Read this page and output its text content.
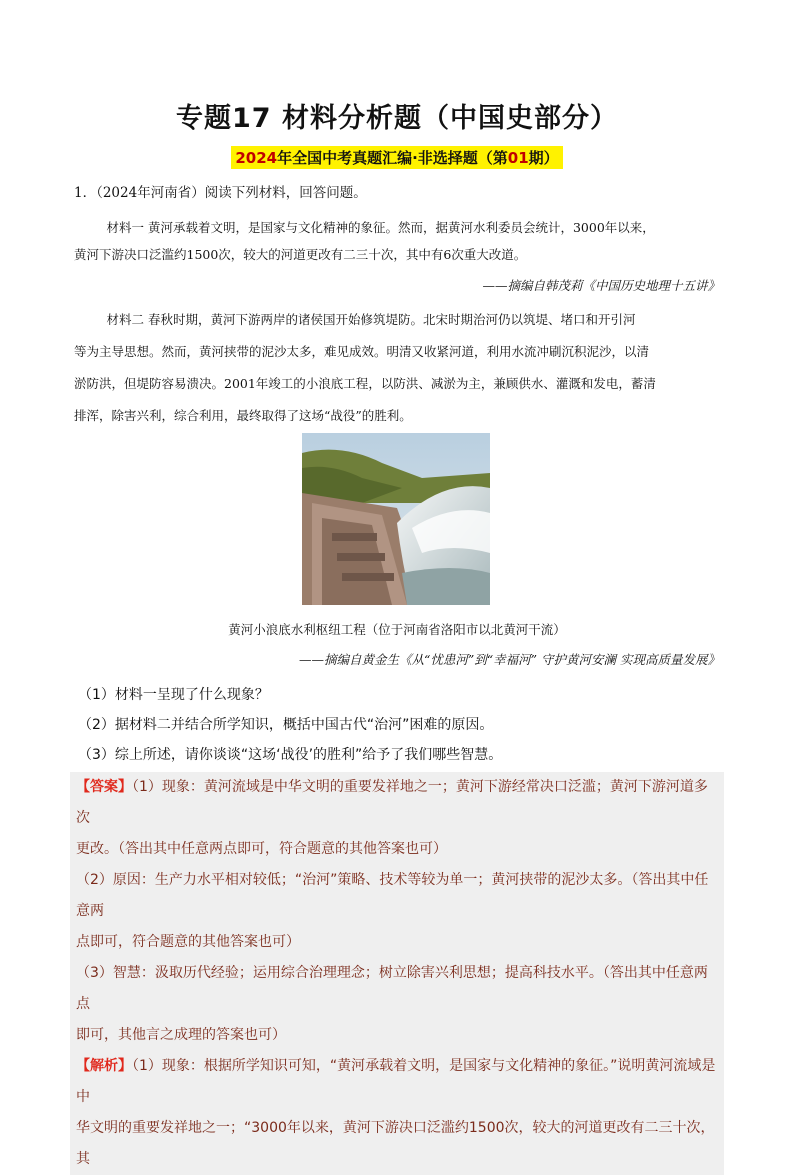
专题17 材料分析题（中国史部分）
2024年全国中考真题汇编·非选择题（第01期）
1．（2024年河南省）阅读下列材料，回答问题。
材料一 黄河承载着文明，是国家与文化精神的象征。然而，据黄河水利委员会统计，3000年以来，
黄河下游决口泛滥约1500次，较大的河道更改有二三十次，其中有6次重大改道。
——摘编自韩茂莉《中国历史地理十五讲》
材料二 春秋时期，黄河下游两岸的诸侯国开始修筑堤防。北宋时期治河仍以筑堤、堵口和开引河
等为主导思想。然而，黄河挟带的泥沙太多，难见成效。明清又收紧河道，利用水流冲刷沉积泥沙，以清
淤防洪，但堤防容易溃决。2001年竣工的小浪底工程，以防洪、减淤为主，兼顾供水、灌溉和发电，蓄清
排浑，除害兴利，综合利用，最终取得了这场“战役”的胜利。
黄河小浪底水利枢纽工程（位于河南省洛阳市以北黄河干流）
——摘编自黄金生《从“忧患河”到“幸福河” 守护黄河安澜 实现高质量发展》
（1）材料一呈现了什么现象？
（2）据材料二并结合所学知识，概括中国古代“治河”困难的原因。
（3）综上所述，请你谈谈“这场‘战役’的胜利”给予了我们哪些智慧。
【答案】（1）现象：黄河流域是中华文明的重要发祥地之一；黄河下游经常决口泛滥；黄河下游河道多次
更改。（答出其中任意两点即可，符合题意的其他答案也可）
（2）原因：生产力水平相对较低；“治河”策略、技术等较为单一；黄河挟带的泥沙太多。（答出其中任意两
点即可，符合题意的其他答案也可）
（3）智慧：汲取历代经验；运用综合治理理念；树立除害兴利思想；提高科技水平。（答出其中任意两点
即可，其他言之成理的答案也可）
【解析】（1）现象：根据所学知识可知，“黄河承载着文明，是国家与文化精神的象征。”说明黄河流域是中
华文明的重要发祥地之一；“3000年以来，黄河下游决口泛滥约1500次，较大的河道更改有二三十次，其
